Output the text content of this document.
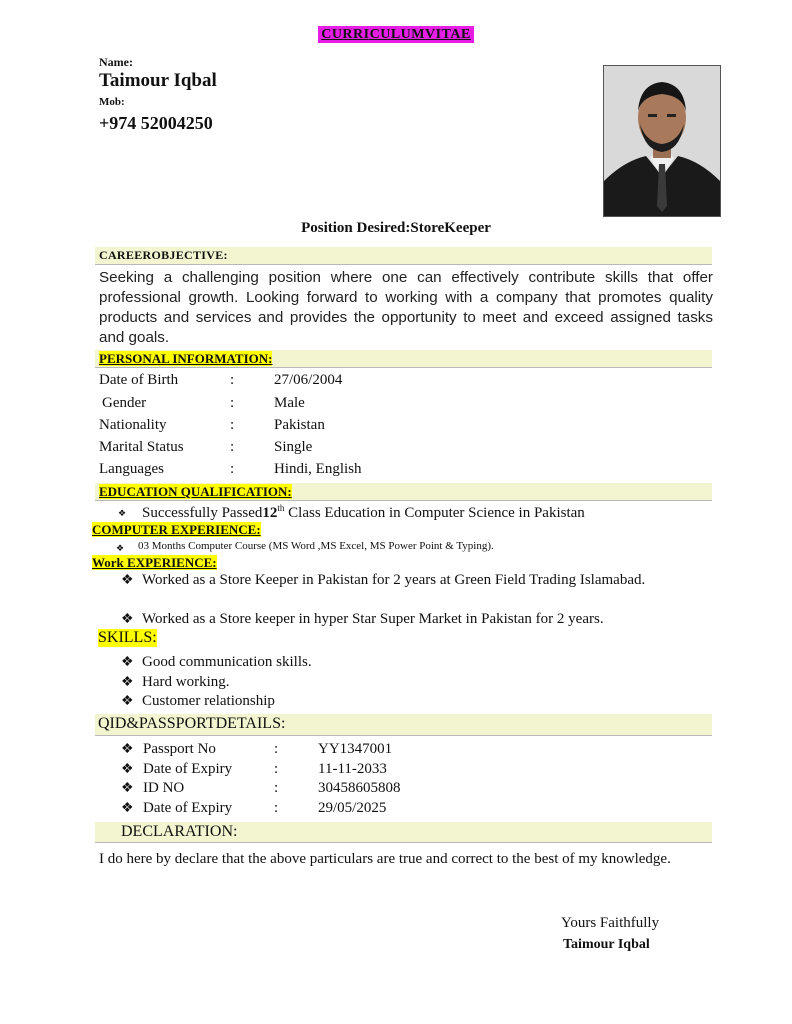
CURRICULUMVITAE
Name:
Taimour Iqbal
Mob:
+974 52004250
Position Desired:StoreKeeper
CAREEROBJECTIVE:
Seeking a challenging position where one can effectively contribute skills that offer professional growth. Looking forward to working with a company that promotes quality products and services and provides the opportunity to meet and exceed assigned tasks and goals.
PERSONAL INFORMATION:
Date of Birth	:	27/06/2004
Gender	:	Male
Nationality	:	Pakistan
Marital Status	:	Single
Languages	:	Hindi, English
EDUCATION QUALIFICATION:
❖ Successfully Passed12th Class Education in Computer Science in Pakistan
COMPUTER EXPERIENCE:
❖ 03 Months Computer Course (MS Word ,MS Excel, MS Power Point & Typing).
Work EXPERIENCE:
❖ Worked as a Store Keeper in Pakistan for 2 years at Green Field Trading Islamabad.
❖ Worked as a Store keeper in hyper Star Super Market in Pakistan for 2 years.
SKILLS:
❖ Good communication skills.
❖ Hard working.
❖ Customer relationship
QID&PASSPORTDETAILS:
❖ Passport No	:	YY1347001
❖ Date of Expiry	:	11-11-2033
❖ ID NO	:	30458605808
❖ Date of Expiry	:	29/05/2025
DECLARATION:
I do here by declare that the above particulars are true and correct to the best of my knowledge.
Yours Faithfully
Taimour Iqbal
